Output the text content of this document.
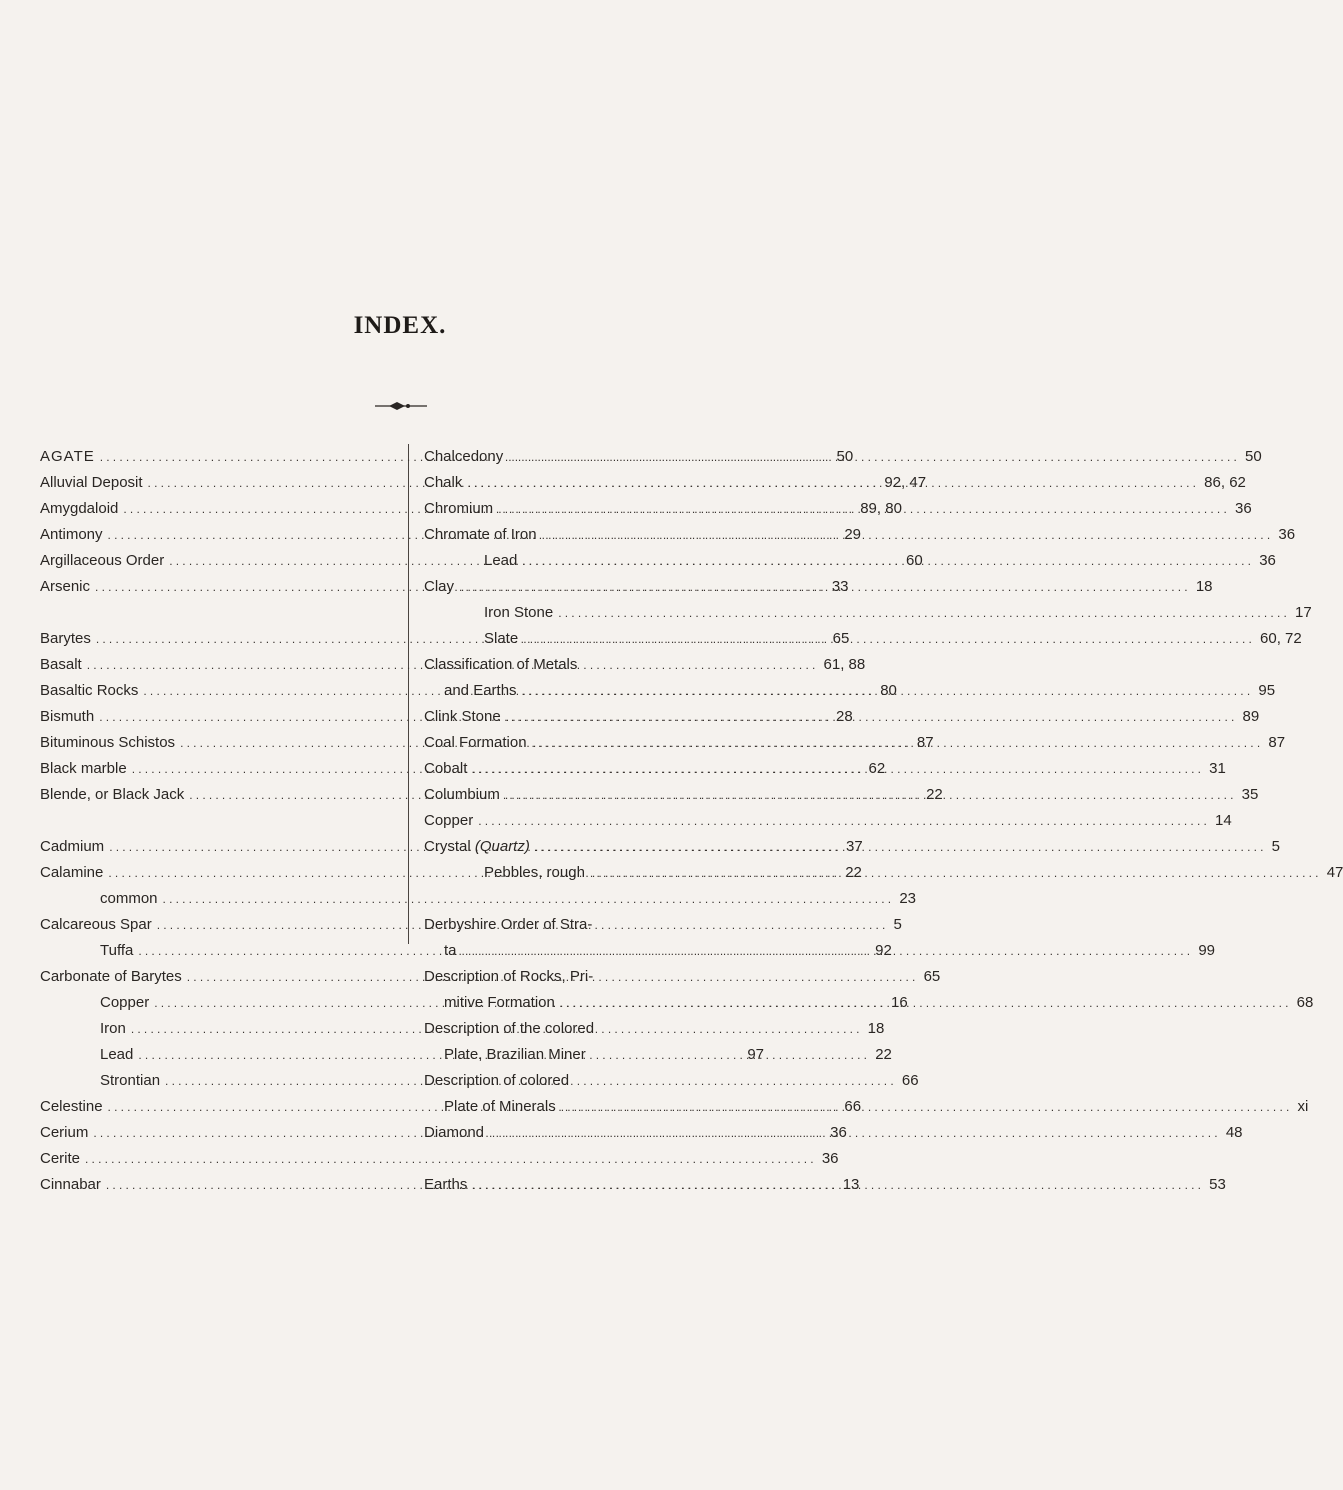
INDEX.
AGATE .....	50
Alluvial Deposit .....	92, 47
Amygdaloid .....	89, 80
Antimony .....	29
Argillaceous Order .....	60
Arsenic .....	33
Barytes .....	65
Basalt .....	61, 88
Basaltic Rocks .....	80
Bismuth .....	28
Bituminous Schistos .....	87
Black marble .....	62
Blende, or Black Jack .....	22
Cadmium .....	37
Calamine .....	22
common .....	23
Calcareous Spar .....	5
Tuffa .....	92
Carbonate of Barytes .....	65
Copper .....	16
Iron .....	18
Lead .....	22
Strontian .....	66
Celestine .....	66
Cerium .....	36
Cerite .....	36
Cinnabar .....	13
Chalcedony .....	50
Chalk .....	86, 62
Chromium .....	36
Chromate of Iron .....	36
Lead .....	36
Clay .....	18
Iron Stone .....	17
Slate .....	60, 72
Classification of Metals
and Earths .....	95
Clink Stone .....	89
Coal Formation .....	87
Cobalt .....	31
Columbium .....	35
Copper .....	14
Crystal (Quartz) .....	5
Pebbles, rough .....	47
Derbyshire Order of Stra-
ta .....	99
Description of Rocks, Pri-
mitive Formation .....	68
Description of the colored
Plate, Brazilian Miner	97
Description of colored
Plate of Minerals .....	xi
Diamond .....	48
Earths .....	53
